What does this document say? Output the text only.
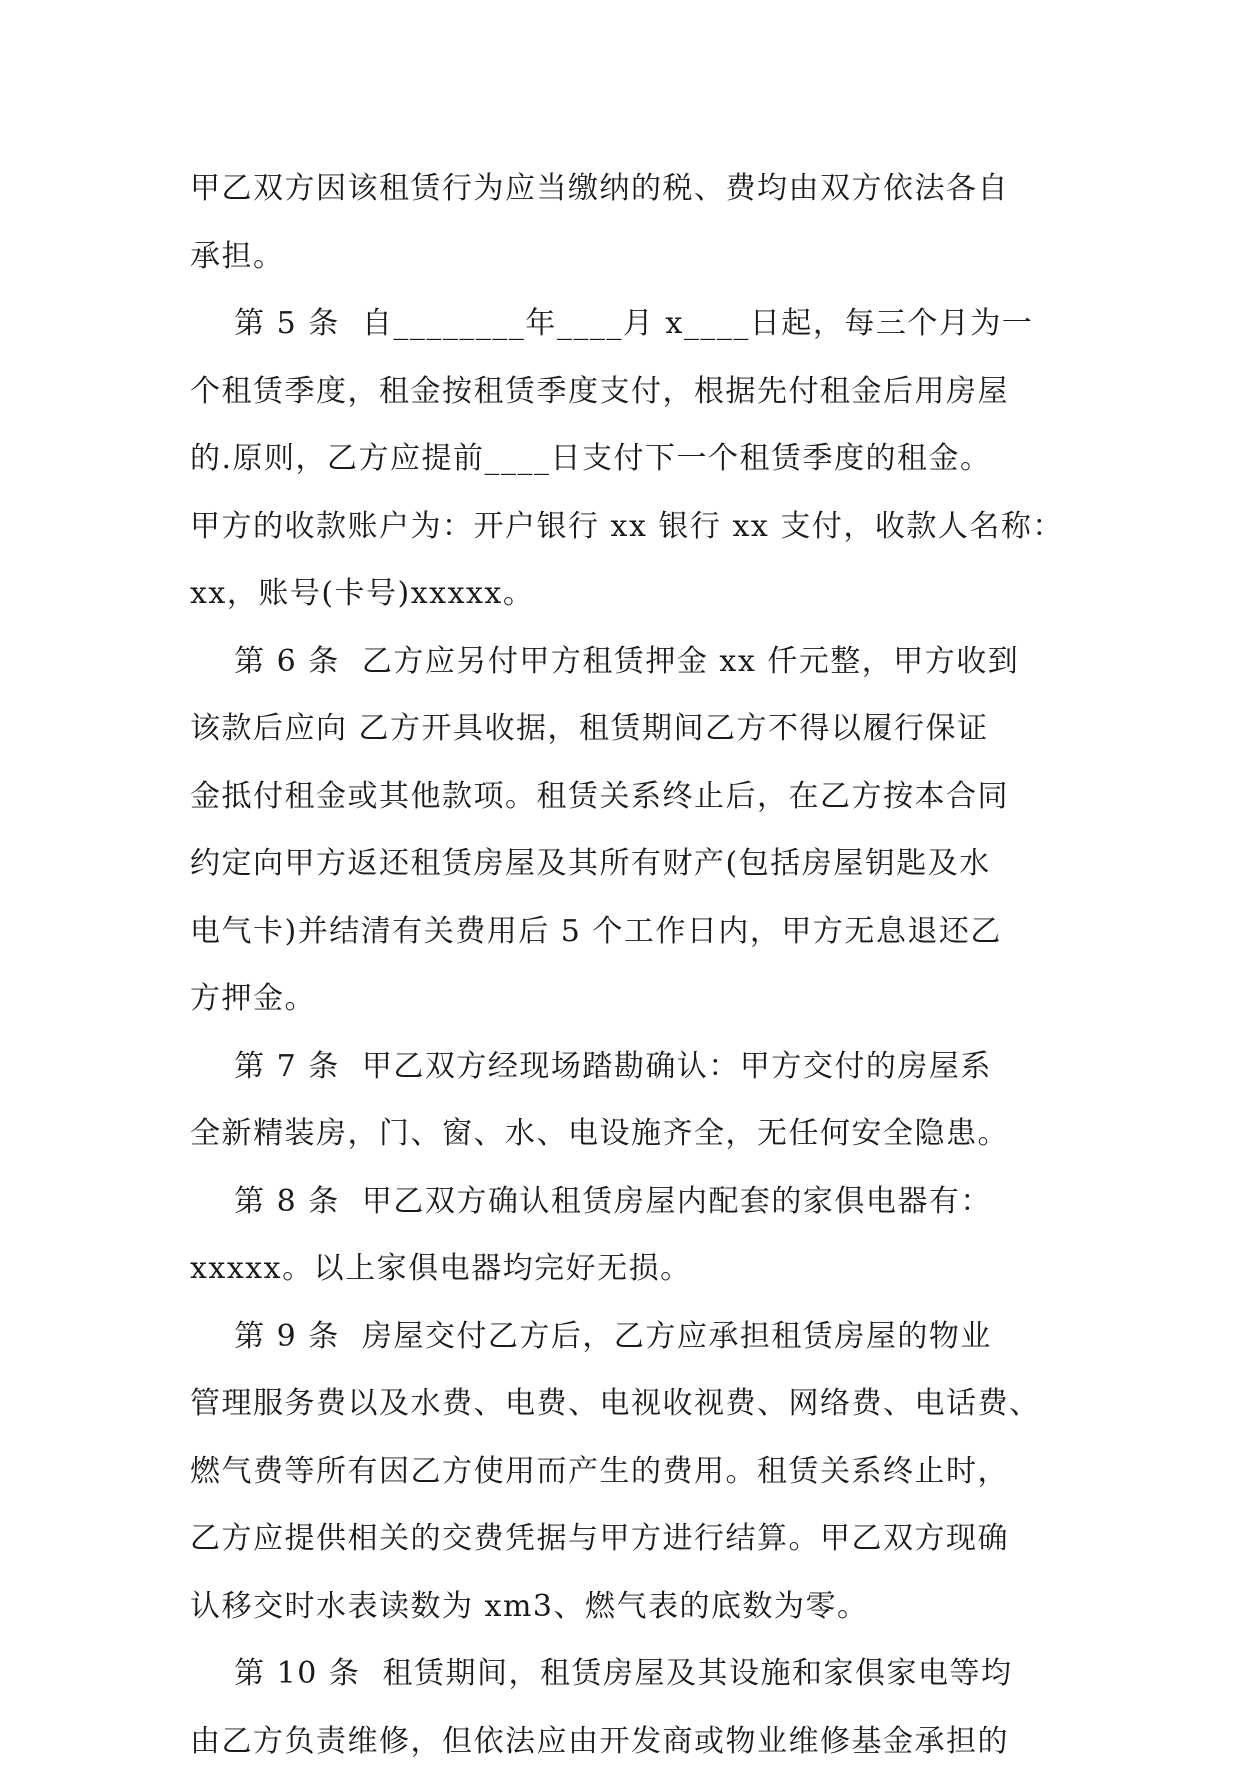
甲乙双方因该租赁行为应当缴纳的税、费均由双方依法各自
承担。
第 5 条  自________年____月 x____日起，每三个月为一
个租赁季度，租金按租赁季度支付，根据先付租金后用房屋
的.原则，乙方应提前____日支付下一个租赁季度的租金。
甲方的收款账户为：开户银行 xx 银行 xx 支付，收款人名称：
xx，账号(卡号)xxxxx。
第 6 条  乙方应另付甲方租赁押金 xx 仟元整，甲方收到
该款后应向 乙方开具收据，租赁期间乙方不得以履行保证
金抵付租金或其他款项。租赁关系终止后，在乙方按本合同
约定向甲方返还租赁房屋及其所有财产(包括房屋钥匙及水
电气卡)并结清有关费用后 5 个工作日内，甲方无息退还乙
方押金。
第 7 条  甲乙双方经现场踏勘确认：甲方交付的房屋系
全新精装房，门、窗、水、电设施齐全，无任何安全隐患。
第 8 条  甲乙双方确认租赁房屋内配套的家俱电器有：
xxxxx。以上家俱电器均完好无损。
第 9 条  房屋交付乙方后，乙方应承担租赁房屋的物业
管理服务费以及水费、电费、电视收视费、网络费、电话费、
燃气费等所有因乙方使用而产生的费用。租赁关系终止时，
乙方应提供相关的交费凭据与甲方进行结算。甲乙双方现确
认移交时水表读数为 xm3、燃气表的底数为零。
第 10 条  租赁期间，租赁房屋及其设施和家俱家电等均
由乙方负责维修，但依法应由开发商或物业维修基金承担的
